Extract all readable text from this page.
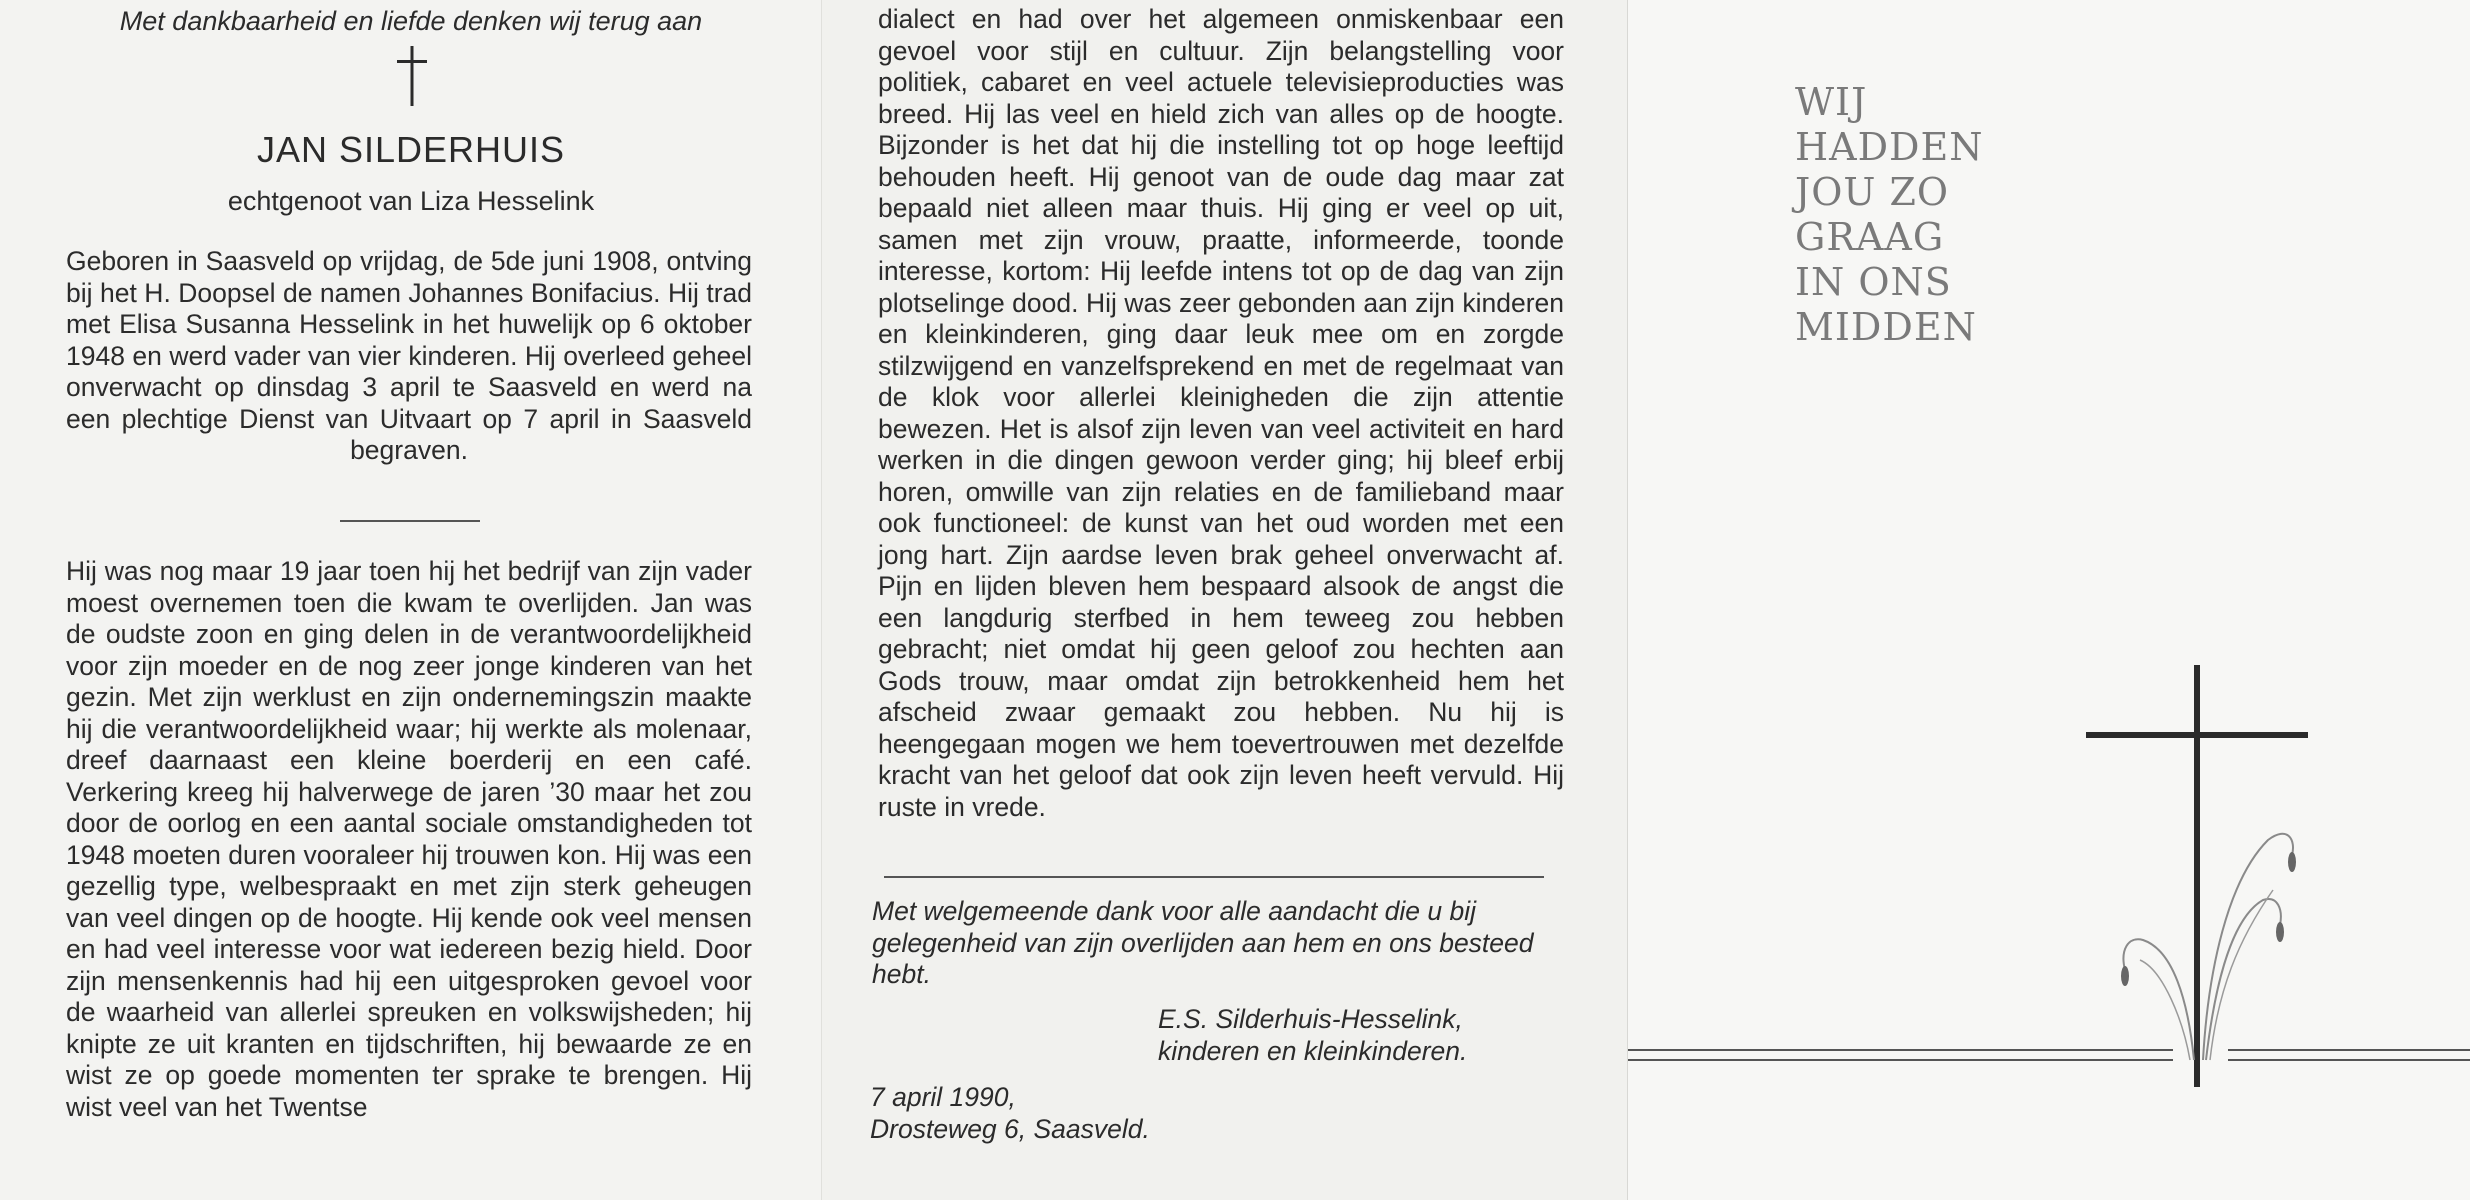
Met dankbaarheid en liefde denken wij terug aan
JAN SILDERHUIS
echtgenoot van Liza Hesselink

Geboren in Saasveld op vrijdag, de 5de juni 1908, ontving bij het H. Doopsel de namen Johannes Bonifacius. Hij trad met Elisa Susanna Hesselink in het huwelijk op 6 oktober 1948 en werd vader van vier kinderen. Hij overleed geheel onverwacht op dinsdag 3 april te Saasveld en werd na een plechtige Dienst van Uitvaart op 7 april in Saasveld begraven.

Hij was nog maar 19 jaar toen hij het bedrijf van zijn vader moest overnemen toen die kwam te overlijden. Jan was de oudste zoon en ging delen in de verantwoordelijkheid voor zijn moeder en de nog zeer jonge kinderen van het gezin. Met zijn werklust en zijn ondernemingszin maakte hij die verantwoordelijkheid waar; hij werkte als molenaar, dreef daarnaast een kleine boerderij en een café. Verkering kreeg hij halverwege de jaren ’30 maar het zou door de oorlog en een aantal sociale omstandigheden tot 1948 moeten duren vooraleer hij trouwen kon. Hij was een gezellig type, welbespraakt en met zijn sterk geheugen van veel dingen op de hoogte. Hij kende ook veel mensen en had veel interesse voor wat iedereen bezig hield. Door zijn mensenkennis had hij een uitgesproken gevoel voor de waarheid van allerlei spreuken en volkswijsheden; hij knipte ze uit kranten en tijdschriften, hij bewaarde ze en wist ze op goede momenten ter sprake te brengen. Hij wist veel van het Twentse

dialect en had over het algemeen onmiskenbaar een gevoel voor stijl en cultuur. Zijn belangstelling voor politiek, cabaret en veel actuele televisieproducties was breed. Hij las veel en hield zich van alles op de hoogte. Bijzonder is het dat hij die instelling tot op hoge leeftijd behouden heeft. Hij genoot van de oude dag maar zat bepaald niet alleen maar thuis. Hij ging er veel op uit, samen met zijn vrouw, praatte, informeerde, toonde interesse, kortom: Hij leefde intens tot op de dag van zijn plotselinge dood. Hij was zeer gebonden aan zijn kinderen en kleinkinderen, ging daar leuk mee om en zorgde stilzwijgend en vanzelfsprekend en met de regelmaat van de klok voor allerlei kleinigheden die zijn attentie bewezen. Het is alsof zijn leven van veel activiteit en hard werken in die dingen gewoon verder ging; hij bleef erbij horen, omwille van zijn relaties en de familieband maar ook functioneel: de kunst van het oud worden met een jong hart. Zijn aardse leven brak geheel onverwacht af. Pijn en lijden bleven hem bespaard alsook de angst die een langdurig sterfbed in hem teweeg zou hebben gebracht; niet omdat hij geen geloof zou hechten aan Gods trouw, maar omdat zijn betrokkenheid hem het afscheid zwaar gemaakt zou hebben. Nu hij is heengegaan mogen we hem toevertrouwen met dezelfde kracht van het geloof dat ook zijn leven heeft vervuld. Hij ruste in vrede.

Met welgemeende dank voor alle aandacht die u bij gelegenheid van zijn overlijden aan hem en ons besteed hebt.
E.S. Silderhuis-Hesselink,
kinderen en kleinkinderen.
7 april 1990,
Drosteweg 6, Saasveld.
WIJ
HADDEN
JOU ZO
GRAAG
IN ONS
MIDDEN
